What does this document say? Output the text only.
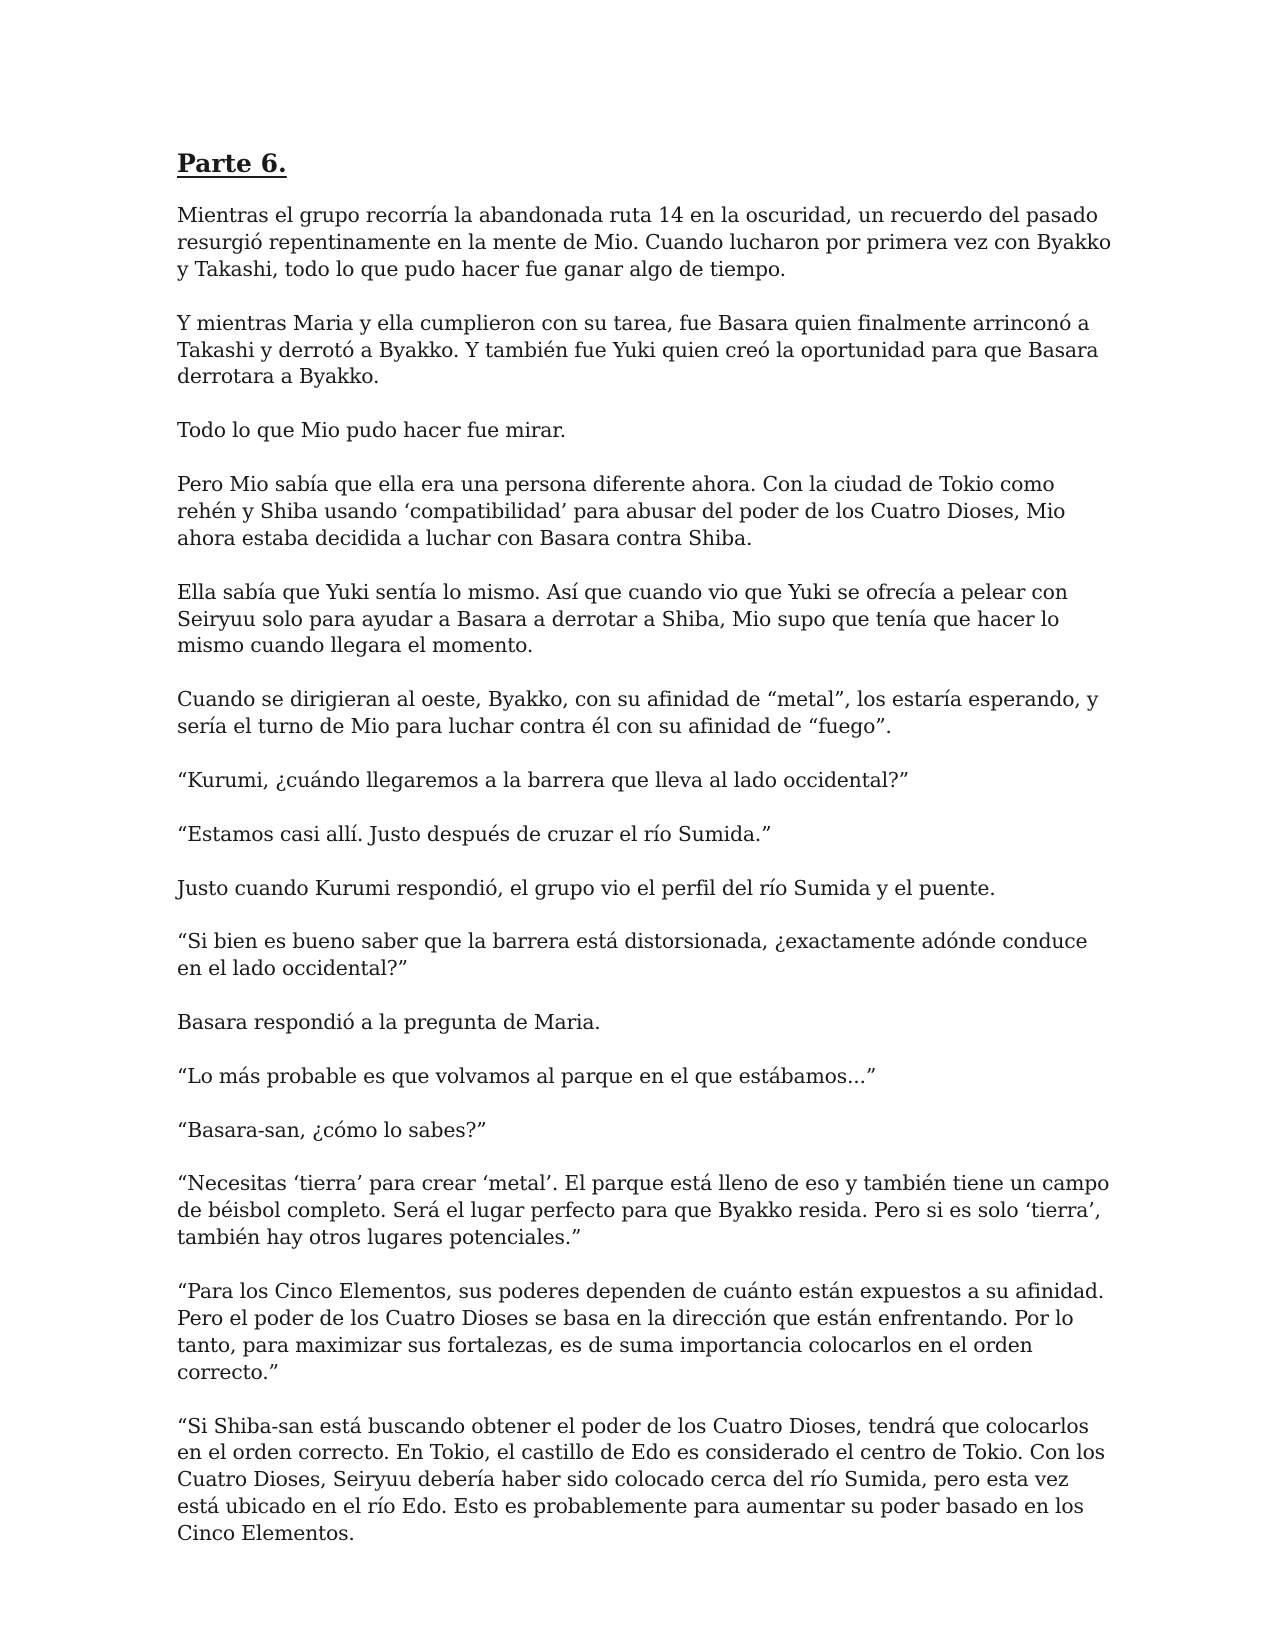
Parte 6.

Mientras el grupo recorría la abandonada ruta 14 en la oscuridad, un recuerdo del pasado resurgió repentinamente en la mente de Mio. Cuando lucharon por primera vez con Byakko y Takashi, todo lo que pudo hacer fue ganar algo de tiempo.

Y mientras Maria y ella cumplieron con su tarea, fue Basara quien finalmente arrinconó a Takashi y derrotó a Byakko. Y también fue Yuki quien creó la oportunidad para que Basara derrotara a Byakko.

Todo lo que Mio pudo hacer fue mirar.

Pero Mio sabía que ella era una persona diferente ahora. Con la ciudad de Tokio como rehén y Shiba usando ‘compatibilidad’ para abusar del poder de los Cuatro Dioses, Mio ahora estaba decidida a luchar con Basara contra Shiba.

Ella sabía que Yuki sentía lo mismo. Así que cuando vio que Yuki se ofrecía a pelear con Seiryuu solo para ayudar a Basara a derrotar a Shiba, Mio supo que tenía que hacer lo mismo cuando llegara el momento.

Cuando se dirigieran al oeste, Byakko, con su afinidad de “metal”, los estaría esperando, y sería el turno de Mio para luchar contra él con su afinidad de “fuego”.

“Kurumi, ¿cuándo llegaremos a la barrera que lleva al lado occidental?”

“Estamos casi allí. Justo después de cruzar el río Sumida.”

Justo cuando Kurumi respondió, el grupo vio el perfil del río Sumida y el puente.

“Si bien es bueno saber que la barrera está distorsionada, ¿exactamente adónde conduce en el lado occidental?”

Basara respondió a la pregunta de Maria.

“Lo más probable es que volvamos al parque en el que estábamos...”

“Basara-san, ¿cómo lo sabes?”

“Necesitas ‘tierra’ para crear ‘metal’. El parque está lleno de eso y también tiene un campo de béisbol completo. Será el lugar perfecto para que Byakko resida. Pero si es solo ‘tierra’, también hay otros lugares potenciales.”

“Para los Cinco Elementos, sus poderes dependen de cuánto están expuestos a su afinidad. Pero el poder de los Cuatro Dioses se basa en la dirección que están enfrentando. Por lo tanto, para maximizar sus fortalezas, es de suma importancia colocarlos en el orden correcto.”

“Si Shiba-san está buscando obtener el poder de los Cuatro Dioses, tendrá que colocarlos en el orden correcto. En Tokio, el castillo de Edo es considerado el centro de Tokio. Con los Cuatro Dioses, Seiryuu debería haber sido colocado cerca del río Sumida, pero esta vez está ubicado en el río Edo. Esto es probablemente para aumentar su poder basado en los Cinco Elementos.
